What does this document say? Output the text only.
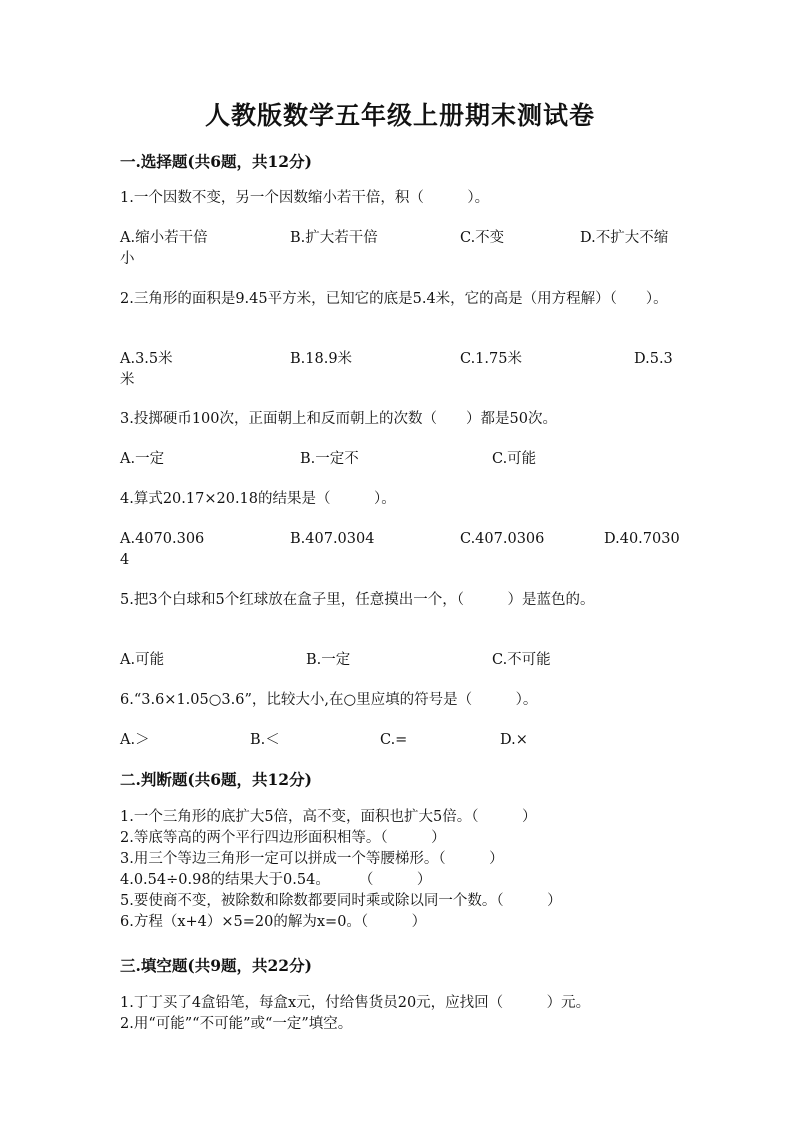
人教版数学五年级上册期末测试卷
一.选择题(共6题，共12分)
1.一个因数不变，另一个因数缩小若干倍，积（　　　）。
A.缩小若干倍	B.扩大若干倍	C.不变	D.不扩大不缩
小
2.三角形的面积是9.45平方米，已知它的底是5.4米，它的高是（用方程解）（　　）。
A.3.5米	B.18.9米	C.1.75米	D.5.3
米
3.投掷硬币100次，正面朝上和反而朝上的次数（　　）都是50次。
A.一定	B.一定不	C.可能
4.算式20.17×20.18的结果是（　　　）。
A.4070.306	B.407.0304	C.407.0306	D.40.7030
4
5.把3个白球和5个红球放在盒子里，任意摸出一个，（　　　）是蓝色的。
A.可能	B.一定	C.不可能
6.“3.6×1.05○3.6”，比较大小,在○里应填的符号是（　　　）。
A.＞	B.＜	C.=	D.×
二.判断题(共6题，共12分)
1.一个三角形的底扩大5倍，高不变，面积也扩大5倍。（　　　）
2.等底等高的两个平行四边形面积相等。（　　　）
3.用三个等边三角形一定可以拼成一个等腰梯形。（　　　）
4.0.54÷0.98的结果大于0.54。　　　（　　　）
5.要使商不变，被除数和除数都要同时乘或除以同一个数。（　　　）
6.方程（x+4）×5=20的解为x=0。（　　　）
三.填空题(共9题，共22分)
1.丁丁买了4盒铅笔，每盒x元，付给售货员20元，应找回（　　　）元。
2.用“可能”“不可能”或“一定”填空。
